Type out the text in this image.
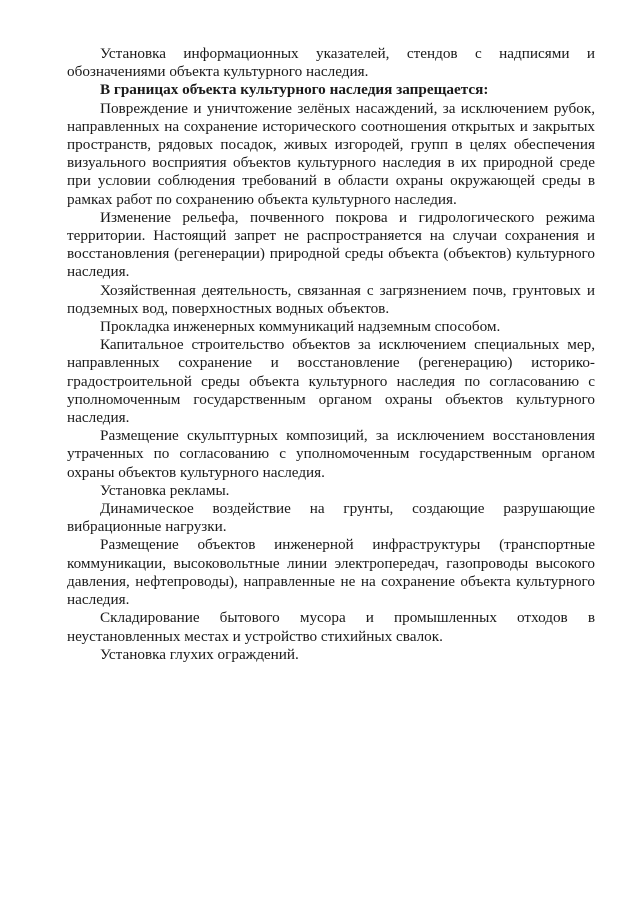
Установка информационных указателей, стендов с надписями и обозначениями объекта культурного наследия.

В границах объекта культурного наследия запрещается:

Повреждение и уничтожение зелёных насаждений, за исключением рубок, направленных на сохранение исторического соотношения открытых и закрытых пространств, рядовых посадок, живых изгородей, групп в целях обеспечения визуального восприятия объектов культурного наследия в их природной среде при условии соблюдения требований в области охраны окружающей среды в рамках работ по сохранению объекта культурного наследия.

Изменение рельефа, почвенного покрова и гидрологического режима территории. Настоящий запрет не распространяется на случаи сохранения и восстановления (регенерации) природной среды объекта (объектов) культурного наследия.

Хозяйственная деятельность, связанная с загрязнением почв, грунтовых и подземных вод, поверхностных водных объектов.

Прокладка инженерных коммуникаций надземным способом.

Капитальное строительство объектов за исключением специальных мер, направленных сохранение и восстановление (регенерацию) историко-градостроительной среды объекта культурного наследия по согласованию с уполномоченным государственным органом охраны объектов культурного наследия.

Размещение скульптурных композиций, за исключением восстановления утраченных по согласованию с уполномоченным государственным органом охраны объектов культурного наследия.

Установка рекламы.

Динамическое воздействие на грунты, создающие разрушающие вибрационные нагрузки.

Размещение объектов инженерной инфраструктуры (транспортные коммуникации, высоковольтные линии электропередач, газопроводы высокого давления, нефтепроводы), направленные не на сохранение объекта культурного наследия.

Складирование бытового мусора и промышленных отходов в неустановленных местах и устройство стихийных свалок.

Установка глухих ограждений.
